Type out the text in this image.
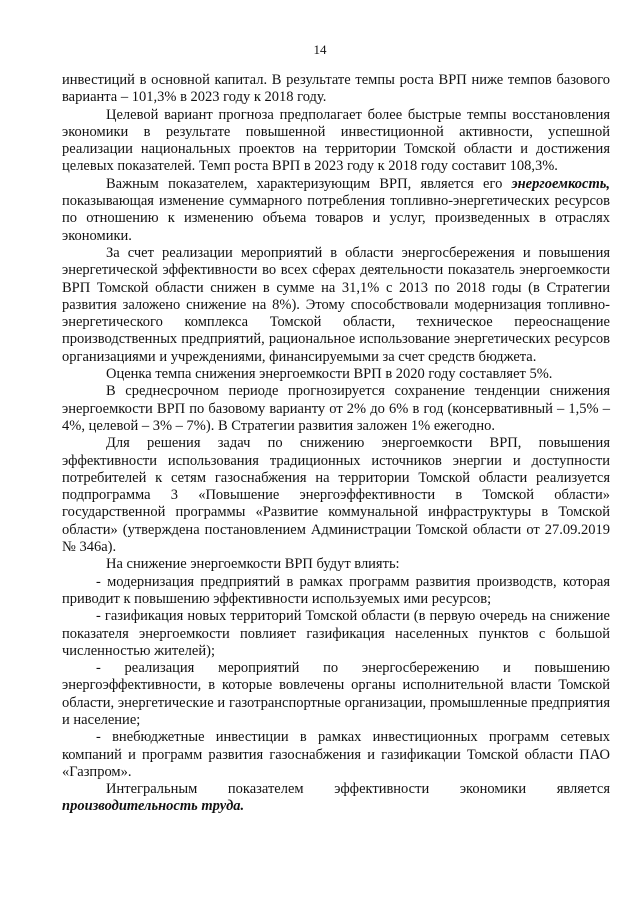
14

инвестиций в основной капитал. В результате темпы роста ВРП ниже темпов базового варианта – 101,3% в 2023 году к 2018 году.

Целевой вариант прогноза предполагает более быстрые темпы восстановления экономики в результате повышенной инвестиционной активности, успешной реализации национальных проектов на территории Томской области и достижения целевых показателей. Темп роста ВРП в 2023 году к 2018 году составит 108,3%.

Важным показателем, характеризующим ВРП, является его энергоемкость, показывающая изменение суммарного потребления топливно-энергетических ресурсов по отношению к изменению объема товаров и услуг, произведенных в отраслях экономики.

За счет реализации мероприятий в области энергосбережения и повышения энергетической эффективности во всех сферах деятельности показатель энергоемкости ВРП Томской области снижен в сумме на 31,1% с 2013 по 2018 годы (в Стратегии развития заложено снижение на 8%). Этому способствовали модернизация топливно-энергетического комплекса Томской области, техническое переоснащение производственных предприятий, рациональное использование энергетических ресурсов организациями и учреждениями, финансируемыми за счет средств бюджета.

Оценка темпа снижения энергоемкости ВРП в 2020 году составляет 5%.

В среднесрочном периоде прогнозируется сохранение тенденции снижения энергоемкости ВРП по базовому варианту от 2% до 6% в год (консервативный – 1,5% – 4%, целевой – 3% – 7%). В Стратегии развития заложен 1% ежегодно.

Для решения задач по снижению энергоемкости ВРП, повышения эффективности использования традиционных источников энергии и доступности потребителей к сетям газоснабжения на территории Томской области реализуется подпрограмма 3 «Повышение энергоэффективности в Томской области» государственной программы «Развитие коммунальной инфраструктуры в Томской области» (утверждена постановлением Администрации Томской области от 27.09.2019 № 346а).

На снижение энергоемкости ВРП будут влиять:

- модернизация предприятий в рамках программ развития производств, которая приводит к повышению эффективности используемых ими ресурсов;

- газификация новых территорий Томской области (в первую очередь на снижение показателя энергоемкости повлияет газификация населенных пунктов с большой численностью жителей);

- реализация мероприятий по энергосбережению и повышению энергоэффективности, в которые вовлечены органы исполнительной власти Томской области, энергетические и газотранспортные организации, промышленные предприятия и население;

- внебюджетные инвестиции в рамках инвестиционных программ сетевых компаний и программ развития газоснабжения и газификации Томской области ПАО «Газпром».

Интегральным показателем эффективности экономики является

производительность труда.
